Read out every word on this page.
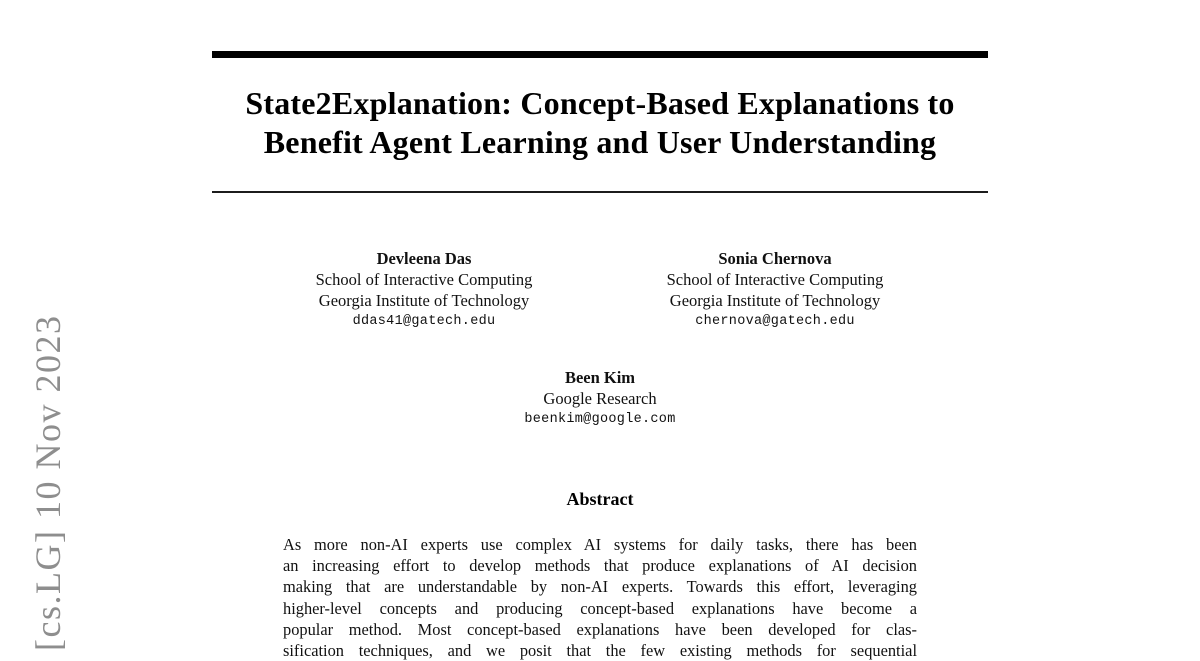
[cs.LG] 10 Nov 2023
State2Explanation: Concept-Based Explanations to
Benefit Agent Learning and User Understanding
Devleena Das
School of Interactive Computing
Georgia Institute of Technology
ddas41@gatech.edu
Sonia Chernova
School of Interactive Computing
Georgia Institute of Technology
chernova@gatech.edu
Been Kim
Google Research
beenkim@google.com
Abstract
As more non-AI experts use complex AI systems for daily tasks, there has been
an increasing effort to develop methods that produce explanations of AI decision
making that are understandable by non-AI experts. Towards this effort, leveraging
higher-level concepts and producing concept-based explanations have become a
popular method. Most concept-based explanations have been developed for clas-
sification techniques, and we posit that the few existing methods for sequential
